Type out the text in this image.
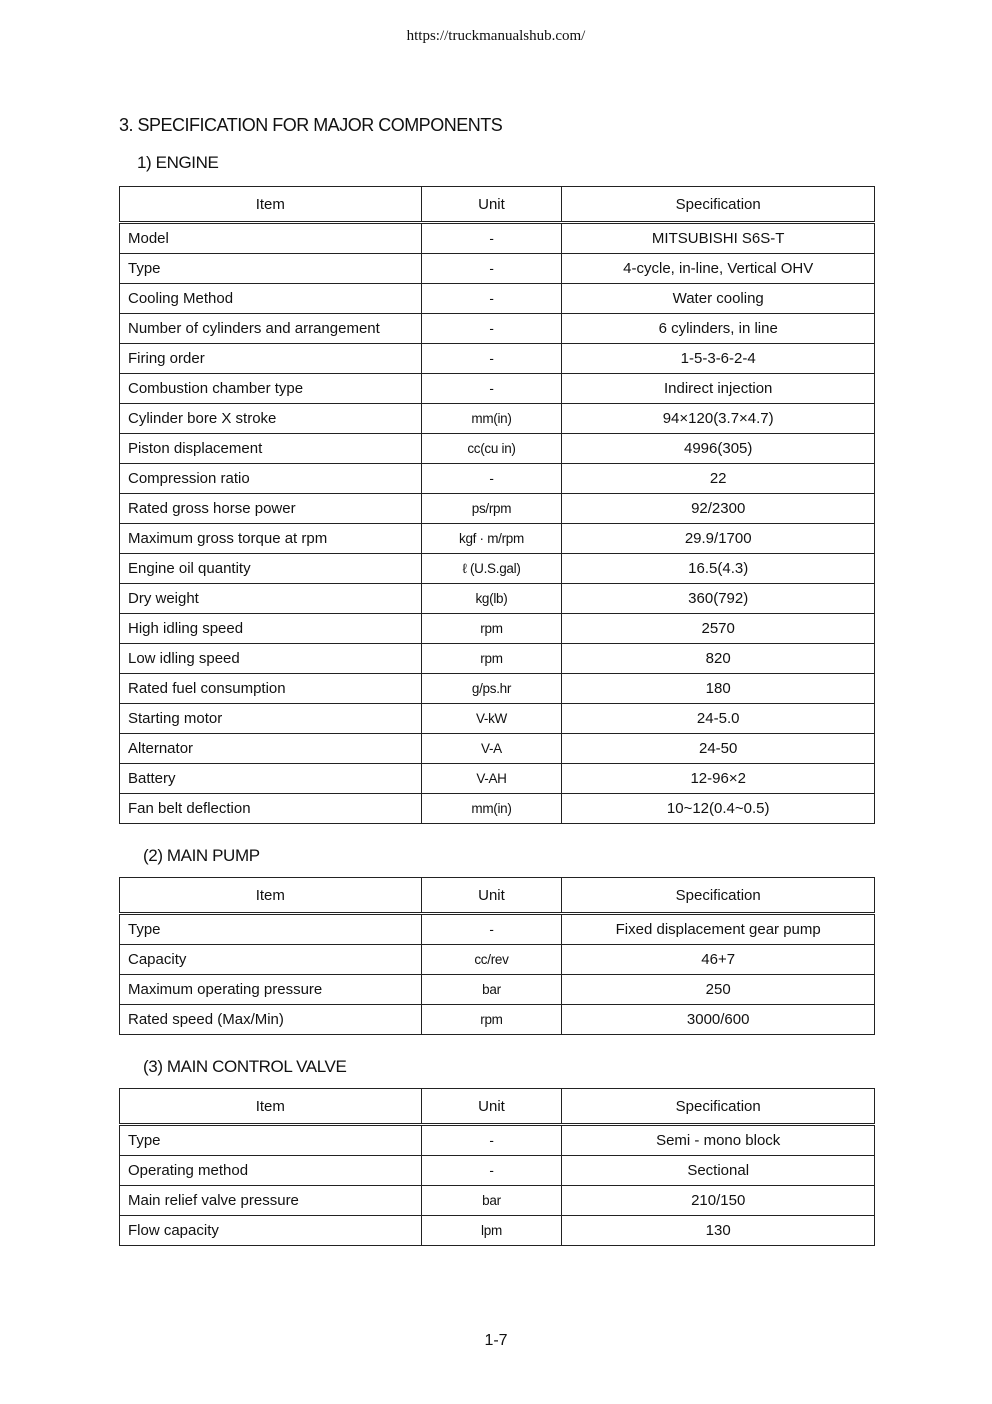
https://truckmanualshub.com/
3. SPECIFICATION FOR MAJOR COMPONENTS
1) ENGINE
Item	Unit	Specification
Model	-	MITSUBISHI S6S-T
Type	-	4-cycle, in-line, Vertical OHV
Cooling Method	-	Water cooling
Number of cylinders and arrangement	-	6 cylinders, in line
Firing order	-	1-5-3-6-2-4
Combustion chamber type	-	Indirect injection
Cylinder bore X stroke	mm(in)	94×120(3.7×4.7)
Piston displacement	cc(cu in)	4996(305)
Compression ratio	-	22
Rated gross horse power	ps/rpm	92/2300
Maximum gross torque at rpm	kgf · m/rpm	29.9/1700
Engine oil quantity	ℓ (U.S.gal)	16.5(4.3)
Dry weight	kg(lb)	360(792)
High idling speed	rpm	2570
Low idling speed	rpm	820
Rated fuel consumption	g/ps.hr	180
Starting motor	V-kW	24-5.0
Alternator	V-A	24-50
Battery	V-AH	12-96×2
Fan belt deflection	mm(in)	10~12(0.4~0.5)
(2) MAIN PUMP
Item	Unit	Specification
Type	-	Fixed displacement gear pump
Capacity	cc/rev	46+7
Maximum operating pressure	bar	250
Rated speed (Max/Min)	rpm	3000/600
(3) MAIN CONTROL VALVE
Item	Unit	Specification
Type	-	Semi - mono block
Operating method	-	Sectional
Main relief valve pressure	bar	210/150
Flow capacity	lpm	130
1-7
